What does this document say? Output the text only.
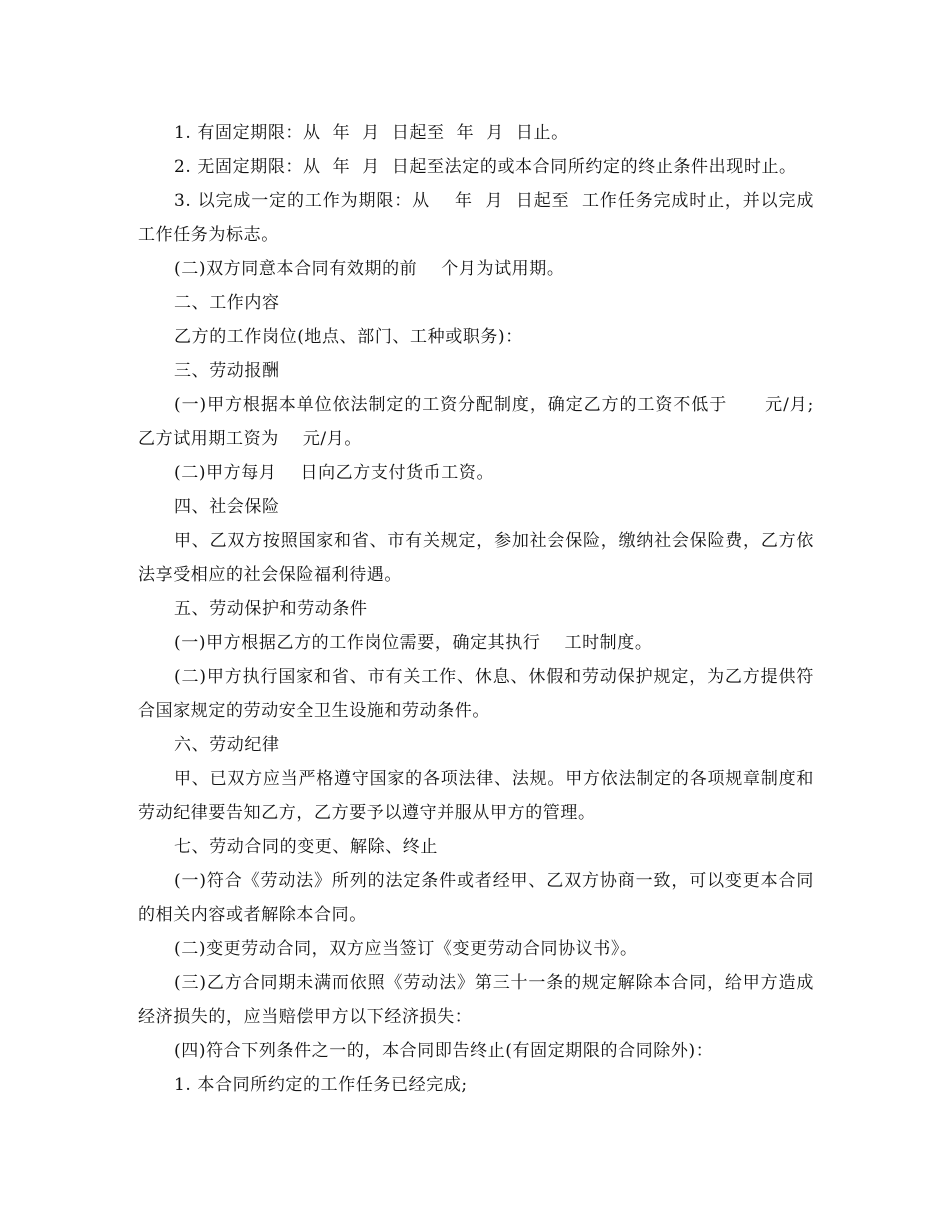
1. 有固定期限：从  年  月  日起至  年  月  日止。

2. 无固定期限：从  年  月  日起至法定的或本合同所约定的终止条件出现时止。

3. 以完成一定的工作为期限：从    年  月  日起至  工作任务完成时止，并以完成  工作任务为标志。

(二)双方同意本合同有效期的前    个月为试用期。

二、工作内容

乙方的工作岗位(地点、部门、工种或职务)：

三、劳动报酬

(一)甲方根据本单位依法制定的工资分配制度，确定乙方的工资不低于      元/月;乙方试用期工资为    元/月。

(二)甲方每月    日向乙方支付货币工资。

四、社会保险

甲、乙双方按照国家和省、市有关规定，参加社会保险，缴纳社会保险费，乙方依法享受相应的社会保险福利待遇。

五、劳动保护和劳动条件

(一)甲方根据乙方的工作岗位需要，确定其执行    工时制度。

(二)甲方执行国家和省、市有关工作、休息、休假和劳动保护规定，为乙方提供符合国家规定的劳动安全卫生设施和劳动条件。

六、劳动纪律

甲、已双方应当严格遵守国家的各项法律、法规。甲方依法制定的各项规章制度和劳动纪律要告知乙方，乙方要予以遵守并服从甲方的管理。

七、劳动合同的变更、解除、终止

(一)符合《劳动法》所列的法定条件或者经甲、乙双方协商一致，可以变更本合同的相关内容或者解除本合同。

(二)变更劳动合同，双方应当签订《变更劳动合同协议书》。

(三)乙方合同期未满而依照《劳动法》第三十一条的规定解除本合同，给甲方造成经济损失的，应当赔偿甲方以下经济损失：

(四)符合下列条件之一的，本合同即告终止(有固定期限的合同除外)：

1. 本合同所约定的工作任务已经完成;
